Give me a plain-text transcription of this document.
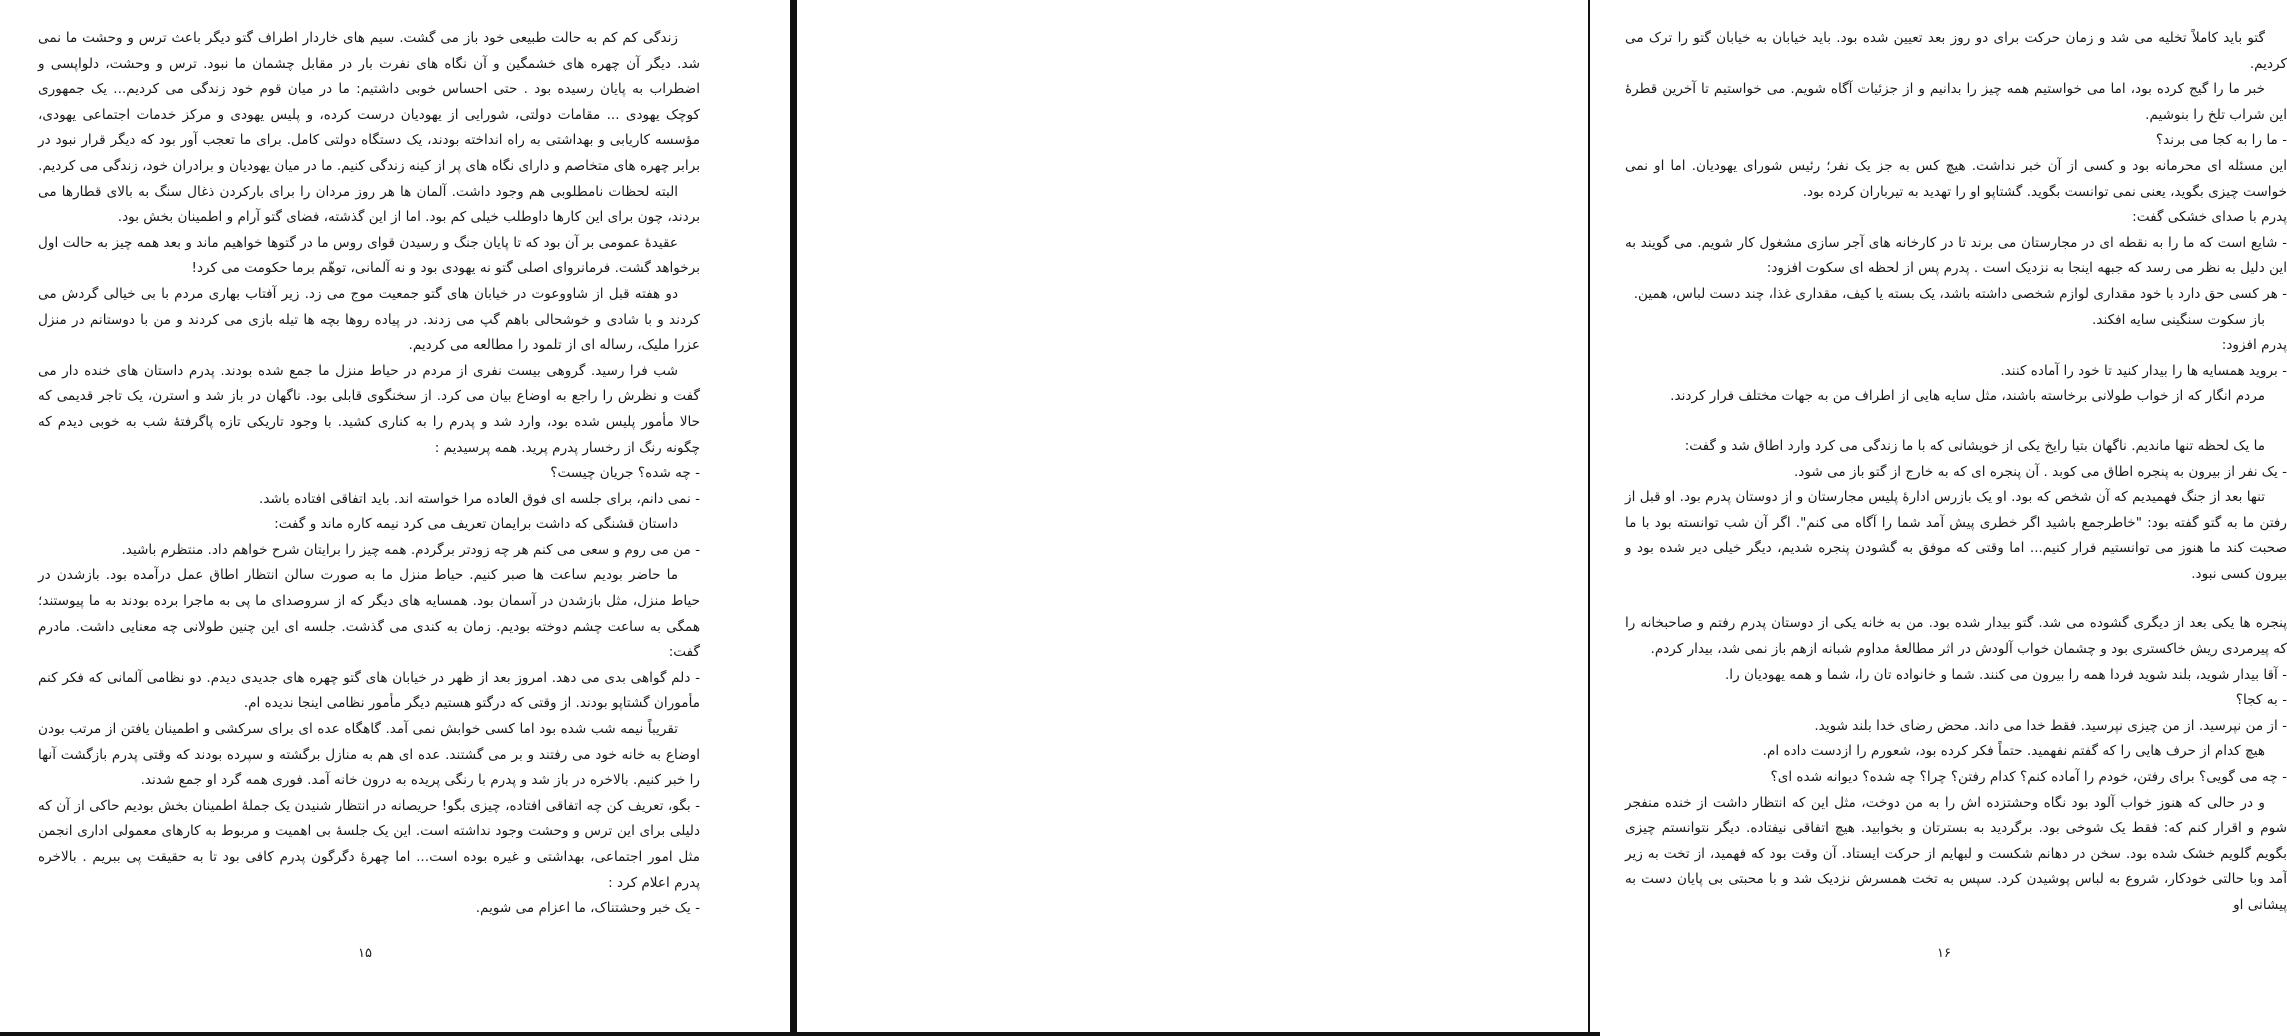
زندگی کم کم به حالت طبیعی خود باز می گشت. سیم های خاردار اطراف گتو دیگر باعث ترس و وحشت ما نمی شد. دیگر آن چهره های خشمگین و آن نگاه های نفرت بار در مقابل چشمان ما نبود. ترس و وحشت، دلواپسی و اضطراب به پایان رسیده بود . حتی احساس خوبی داشتیم: ما در میان قوم خود زندگی می کردیم... یک جمهوری کوچک یهودی ... مقامات دولتی، شورایی از یهودیان درست کرده، و پلیس یهودی و مرکز خدمات اجتماعی یهودی، مؤسسه کاریابی و بهداشتی به راه انداخته بودند، یک دستگاه دولتی کامل. برای ما تعجب آور بود که دیگر قرار نبود در برابر چهره های متخاصم و دارای نگاه های پر از کینه زندگی کنیم. ما در میان یهودیان و برادران خود، زندگی می کردیم.

البته لحظات نامطلوبی هم وجود داشت. آلمان ها هر روز مردان را برای بارکردن ذغال سنگ به بالای قطارها می بردند، چون برای این کارها داوطلب خیلی کم بود. اما از این گذشته، فضای گتو آرام و اطمینان بخش بود.

عقیدهٔ عمومی بر آن بود که تا پایان جنگ و رسیدن قوای روس ما در گتوها خواهیم ماند و بعد همه چیز به حالت اول برخواهد گشت. فرمانروای اصلی گتو نه یهودی بود و نه آلمانی، توهّم برما حکومت می کرد!

دو هفته قبل از شاووعوت در خیابان های گتو جمعیت موج می زد. زیر آفتاب بهاری مردم با بی خیالی گردش می کردند و با شادی و خوشحالی باهم گپ می زدند. در پیاده روها بچه ها تیله بازی می کردند و من با دوستانم در منزل عزرا ملیک، رساله ای از تلمود را مطالعه می کردیم.

شب فرا رسید. گروهی بیست نفری از مردم در حیاط منزل ما جمع شده بودند. پدرم داستان های خنده دار می گفت و نظرش را راجع به اوضاع بیان می کرد. از سخنگوی قابلی بود. ناگهان در باز شد و استرن، یک تاجر قدیمی که حالا مأمور پلیس شده بود، وارد شد و پدرم را به کناری کشید. با وجود تاریکی تازه پاگرفتهٔ شب به خوبی دیدم که چگونه رنگ از رخسار پدرم پرید. همه پرسیدیم :

- چه شده؟ جریان چیست؟

- نمی دانم، برای جلسه ای فوق العاده مرا خواسته اند. باید اتفاقی افتاده باشد.

داستان قشنگی که داشت برایمان تعریف می کرد نیمه کاره ماند و گفت:

- من می روم و سعی می کنم هر چه زودتر برگردم. همه چیز را برایتان شرح خواهم داد. منتظرم باشید.

ما حاضر بودیم ساعت ها صبر کنیم. حیاط منزل ما به صورت سالن انتظار اطاق عمل درآمده بود. بازشدن در حیاط منزل، مثل بازشدن در آسمان بود. همسایه های دیگر که از سروصدای ما پی به ماجرا برده بودند به ما پیوستند؛ همگی به ساعت چشم دوخته بودیم. زمان به کندی می گذشت. جلسه ای این چنین طولانی چه معنایی داشت. مادرم گفت:

- دلم گواهی بدی می دهد. امروز بعد از ظهر در خیابان های گتو چهره های جدیدی دیدم. دو نظامی آلمانی که فکر کنم مأموران گشتاپو بودند. از وقتی که درگتو هستیم دیگر مأمور نظامی اینجا ندیده ام.

تقریباً نیمه شب شده بود اما کسی خوابش نمی آمد. گاهگاه عده ای برای سرکشی و اطمینان یافتن از مرتب بودن اوضاع به خانه خود می رفتند و بر می گشتند. عده ای هم به منازل برگشته و سپرده بودند که وقتی پدرم بازگشت آنها را خبر کنیم. بالاخره در باز شد و پدرم با رنگی پریده به درون خانه آمد. فوری همه گرد او جمع شدند.

- بگو، تعریف کن چه اتفاقی افتاده، چیزی بگو! حریصانه در انتظار شنیدن یک جملهٔ اطمینان بخش بودیم حاکی از آن که دلیلی برای این ترس و وحشت وجود نداشته است. این یک جلسهٔ بی اهمیت و مربوط به کارهای معمولی اداری انجمن مثل امور اجتماعی، بهداشتی و غیره بوده است... اما چهرهٔ دگرگون پدرم کافی بود تا به حقیقت پی ببریم . بالاخره پدرم اعلام کرد :

- یک خبر وحشتناک، ما اعزام می شویم.

۱۵

گتو باید کاملاً تخلیه می شد و زمان حرکت برای دو روز بعد تعیین شده بود. باید خیابان به خیابان گتو را ترک می کردیم.

خبر ما را گیج کرده بود، اما می خواستیم همه چیز را بدانیم و از جزئیات آگاه شویم. می خواستیم تا آخرین قطرهٔ این شراب تلخ را بنوشیم.

- ما را به کجا می برند؟

این مسئله ای محرمانه بود و کسی از آن خبر نداشت. هیچ کس به جز یک نفر؛ رئیس شورای یهودیان. اما او نمی خواست چیزی بگوید، یعنی نمی توانست بگوید. گشتاپو او را تهدید به تیرباران کرده بود.

پدرم با صدای خشکی گفت:

- شایع است که ما را به نقطه ای در مجارستان می برند تا در کارخانه های آجر سازی مشغول کار شویم. می گویند به این دلیل به نظر می رسد که جبهه اینجا به نزدیک است . پدرم پس از لحظه ای سکوت افزود:

- هر کسی حق دارد با خود مقداری لوازم شخصی داشته باشد، یک بسته یا کیف، مقداری غذا، چند دست لباس، همین.

باز سکوت سنگینی سایه افکند.

پدرم افزود:

- بروید همسایه ها را بیدار کنید تا خود را آماده کنند.

مردم انگار که از خواب طولانی برخاسته باشند، مثل سایه هایی از اطراف من به جهات مختلف فرار کردند.

ما یک لحظه تنها ماندیم. ناگهان بتیا رایخ یکی از خویشانی که با ما زندگی می کرد وارد اطاق شد و گفت:

- یک نفر از بیرون به پنجره اطاق می کوبد . آن پنجره ای که به خارج از گتو باز می شود.

تنها بعد از جنگ فهمیدیم که آن شخص که بود. او یک بازرس ادارهٔ پلیس مجارستان و از دوستان پدرم بود. او قبل از رفتن ما به گتو گفته بود: "خاطرجمع باشید اگر خطری پیش آمد شما را آگاه می کنم". اگر آن شب توانسته بود با ما صحبت کند ما هنوز می توانستیم فرار کنیم... اما وقتی که موفق به گشودن پنجره شدیم، دیگر خیلی دیر شده بود و بیرون کسی نبود.

پنجره ها یکی بعد از دیگری گشوده می شد. گتو بیدار شده بود. من به خانه یکی از دوستان پدرم رفتم و صاحبخانه را که پیرمردی ریش خاکستری بود و چشمان خواب آلودش در اثر مطالعهٔ مداوم شبانه ازهم باز نمی شد، بیدار کردم.

- آقا بیدار شوید، بلند شوید فردا همه را بیرون می کنند. شما و خانواده تان را، شما و همه یهودیان را.

- به کجا؟

- از من نپرسید. از من چیزی نپرسید. فقط خدا می داند. محض رضای خدا بلند شوید.

هیچ کدام از حرف هایی را که گفتم نفهمید. حتماً فکر کرده بود، شعورم را ازدست داده ام.

- چه می گویی؟ برای رفتن، خودم را آماده کنم؟ کدام رفتن؟ چرا؟ چه شده؟ دیوانه شده ای؟

و در حالی که هنوز خواب آلود بود نگاه وحشتزده اش را به من دوخت، مثل این که انتظار داشت از خنده منفجر شوم و اقرار کنم که: فقط یک شوخی بود. برگردید به بسترتان و بخوابید. هیچ اتفاقی نیفتاده. دیگر نتوانستم چیزی بگویم گلویم خشک شده بود. سخن در دهانم شکست و لبهایم از حرکت ایستاد. آن وقت بود که فهمید، از تخت به زیر آمد وبا حالتی خودکار، شروع به لباس پوشیدن کرد. سپس به تخت همسرش نزدیک شد و با محبتی بی پایان دست به پیشانی او

۱۶
